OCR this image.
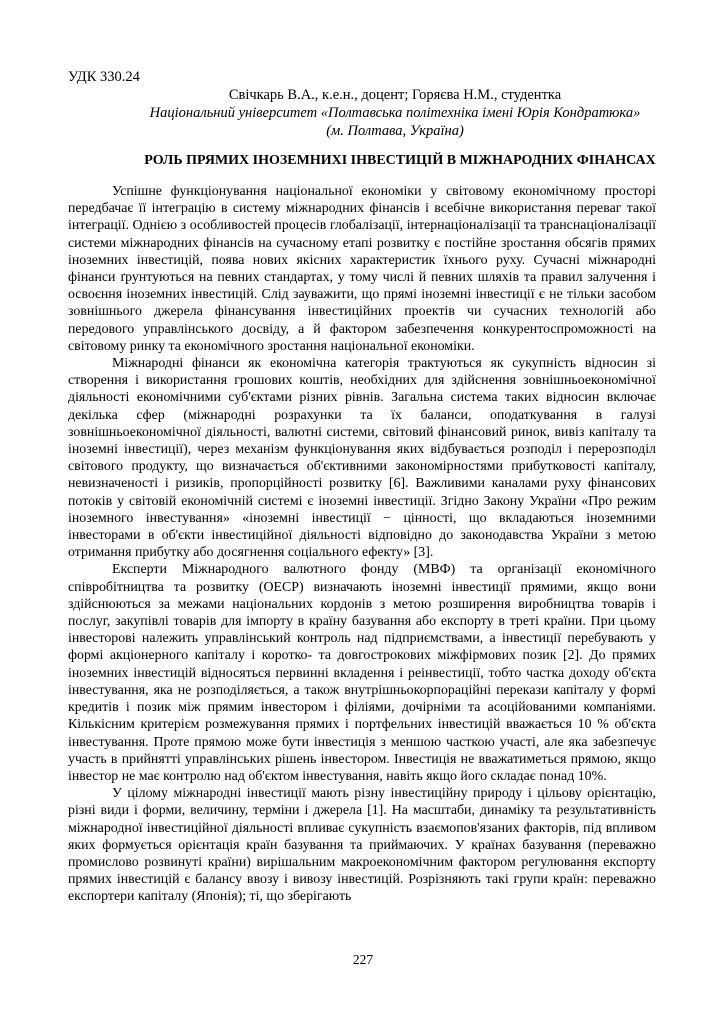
УДК 330.24
Свічкарь В.А., к.е.н., доцент; Горяєва Н.М., студентка
Національний університет «Полтавська політехніка імені Юрія Кондратюка»
(м. Полтава, Україна)
РОЛЬ ПРЯМИХ ІНОЗЕМНИХІ ІНВЕСТИЦІЙ В МІЖНАРОДНИХ ФІНАНСАХ

Успішне функціонування національної економіки у світовому економічному просторі передбачає її інтеграцію в систему міжнародних фінансів і всебічне використання переваг такої інтеграції. Однією з особливостей процесів глобалізації, інтернаціоналізації та транснаціоналізації системи міжнародних фінансів на сучасному етапі розвитку є постійне зростання обсягів прямих іноземних інвестицій, поява нових якісних характеристик їхнього руху. Сучасні міжнародні фінанси ґрунтуються на певних стандартах, у тому числі й певних шляхів та правил залучення і освоєння іноземних інвестицій. Слід зауважити, що прямі іноземні інвестиції є не тільки засобом зовнішнього джерела фінансування інвестиційних проектів чи сучасних технологій або передового управлінського досвіду, а й фактором забезпечення конкурентоспроможності на світовому ринку та економічного зростання національної економіки.

Міжнародні фінанси як економічна категорія трактуються як сукупність відносин зі створення і використання грошових коштів, необхідних для здійснення зовнішньоекономічної діяльності економічними суб'єктами різних рівнів. Загальна система таких відносин включає декілька сфер (міжнародні розрахунки та їх баланси, оподаткування в галузі зовнішньоекономічної діяльності, валютні системи, світовий фінансовий ринок, вивіз капіталу та іноземні інвестиції), через механізм функціонування яких відбувається розподіл і перерозподіл світового продукту, що визначається об'єктивними закономірностями прибутковості капіталу, невизначеності і ризиків, пропорційності розвитку [6]. Важливими каналами руху фінансових потоків у світовій економічній системі є іноземні інвестиції. Згідно Закону України «Про режим іноземного інвестування» «іноземні інвестиції − цінності, що вкладаються іноземними інвесторами в об'єкти інвестиційної діяльності відповідно до законодавства України з метою отримання прибутку або досягнення соціального ефекту» [3].

Експерти Міжнародного валютного фонду (МВФ) та організації економічного співробітництва та розвитку (ОЕСР) визначають іноземні інвестиції прямими, якщо вони здійснюються за межами національних кордонів з метою розширення виробництва товарів і послуг, закупівлі товарів для імпорту в країну базування або експорту в треті країни. При цьому інвесторові належить управлінський контроль над підприємствами, а інвестиції перебувають у формі акціонерного капіталу і коротко- та довгострокових міжфірмових позик [2]. До прямих іноземних інвестицій відносяться первинні вкладення і реінвестиції, тобто частка доходу об'єкта інвестування, яка не розподіляється, а також внутрішньокорпораційні перекази капіталу у формі кредитів і позик між прямим інвестором і філіями, дочірніми та асоційованими компаніями. Кількісним критерієм розмежування прямих і портфельних інвестицій вважається 10 % об'єкта інвестування. Проте прямою може бути інвестиція з меншою часткою участі, але яка забезпечує участь в прийнятті управлінських рішень інвестором. Інвестиція не вважатиметься прямою, якщо інвестор не має контролю над об'єктом інвестування, навіть якщо його складає понад 10%.

У цілому міжнародні інвестиції мають різну інвестиційну природу і цільову орієнтацію, різні види і форми, величину, терміни і джерела [1]. На масштаби, динаміку та результативність міжнародної інвестиційної діяльності впливає сукупність взаємопов'язаних факторів, під впливом яких формується орієнтація країн базування та приймаючих. У країнах базування (переважно промислово розвинуті країни) вирішальним макроекономічним фактором регулювання експорту прямих інвестицій є балансу ввозу і вивозу інвестицій. Розрізняють такі групи країн: переважно експортери капіталу (Японія); ті, що зберігають

227
